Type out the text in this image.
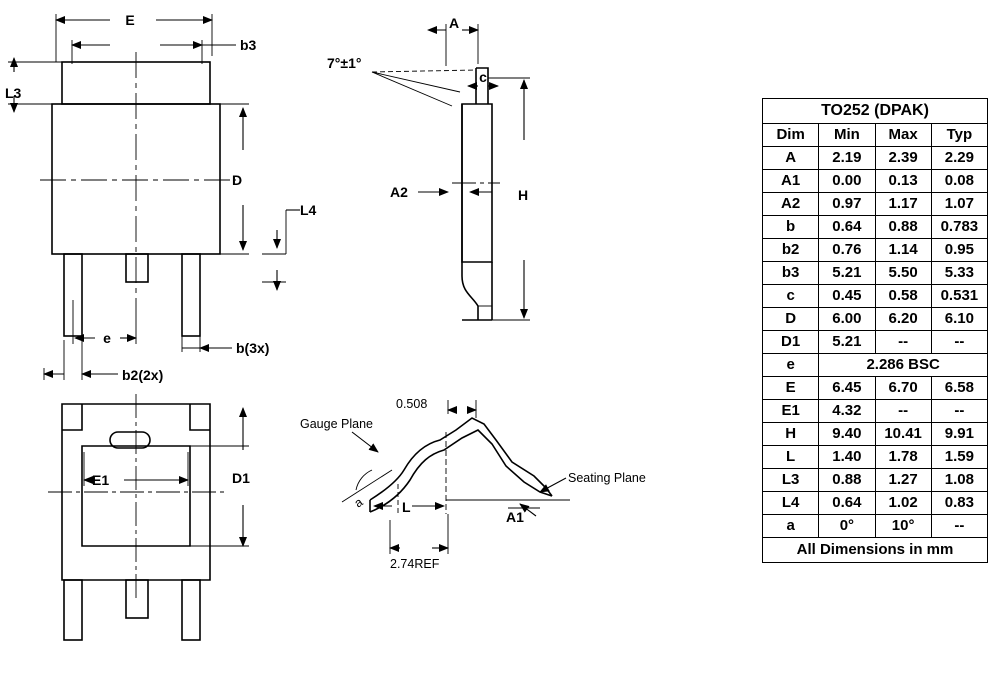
E
b3
L3
D
L4
e
b(3x)
b2(2x)
A
c
A2	H
7°±1°
E1	D1
0.508
Gauge Plane
Seating Plane
L
A1
2.74REF
a
TO252 (DPAK)			
Dim	Min	Max	Typ
A	2.19	2.39	2.29
A1	0.00	0.13	0.08
A2	0.97	1.17	1.07
b	0.64	0.88	0.783
b2	0.76	1.14	0.95
b3	5.21	5.50	5.33
c	0.45	0.58	0.531
D	6.00	6.20	6.10
D1	5.21	--	--
e	2.286 BSC		
E	6.45	6.70	6.58
E1	4.32	--	--
H	9.40	10.41	9.91
L	1.40	1.78	1.59
L3	0.88	1.27	1.08
L4	0.64	1.02	0.83
a	0°	10°	--
All Dimensions in mm			
